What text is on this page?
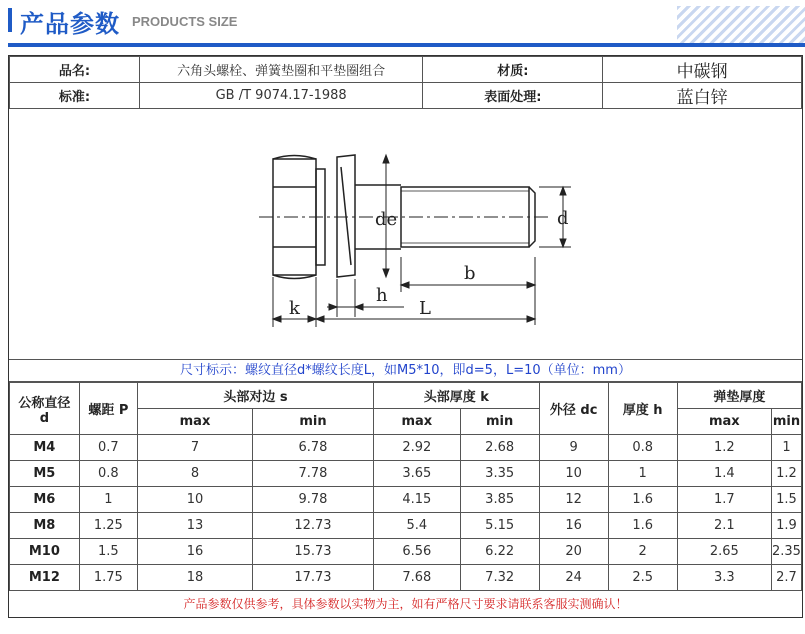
产品参数 PRODUCTS SIZE
品名:	六角头螺栓、弹簧垫圈和平垫圈组合	材质:	中碳钢
标准:	GB /T 9074.17-1988	表面处理:	蓝白锌
de	d
b
h
k	L
尺寸标示：螺纹直径d*螺纹长度L，如M5*10，即d=5，L=10（单位：mm）
公称直径
d	螺距 P	头部对边 s		头部厚度 k		外径 dc	厚度 h	弹垫厚度	
		max	min	max	min			max	min
M4	0.7	7	6.78	2.92	2.68	9	0.8	1.2	1
M5	0.8	8	7.78	3.65	3.35	10	1	1.4	1.2
M6	1	10	9.78	4.15	3.85	12	1.6	1.7	1.5
M8	1.25	13	12.73	5.4	5.15	16	1.6	2.1	1.9
M10	1.5	16	15.73	6.56	6.22	20	2	2.65	2.35
M12	1.75	18	17.73	7.68	7.32	24	2.5	3.3	2.7
产品参数仅供参考，具体参数以实物为主，如有严格尺寸要求请联系客服实测确认！
